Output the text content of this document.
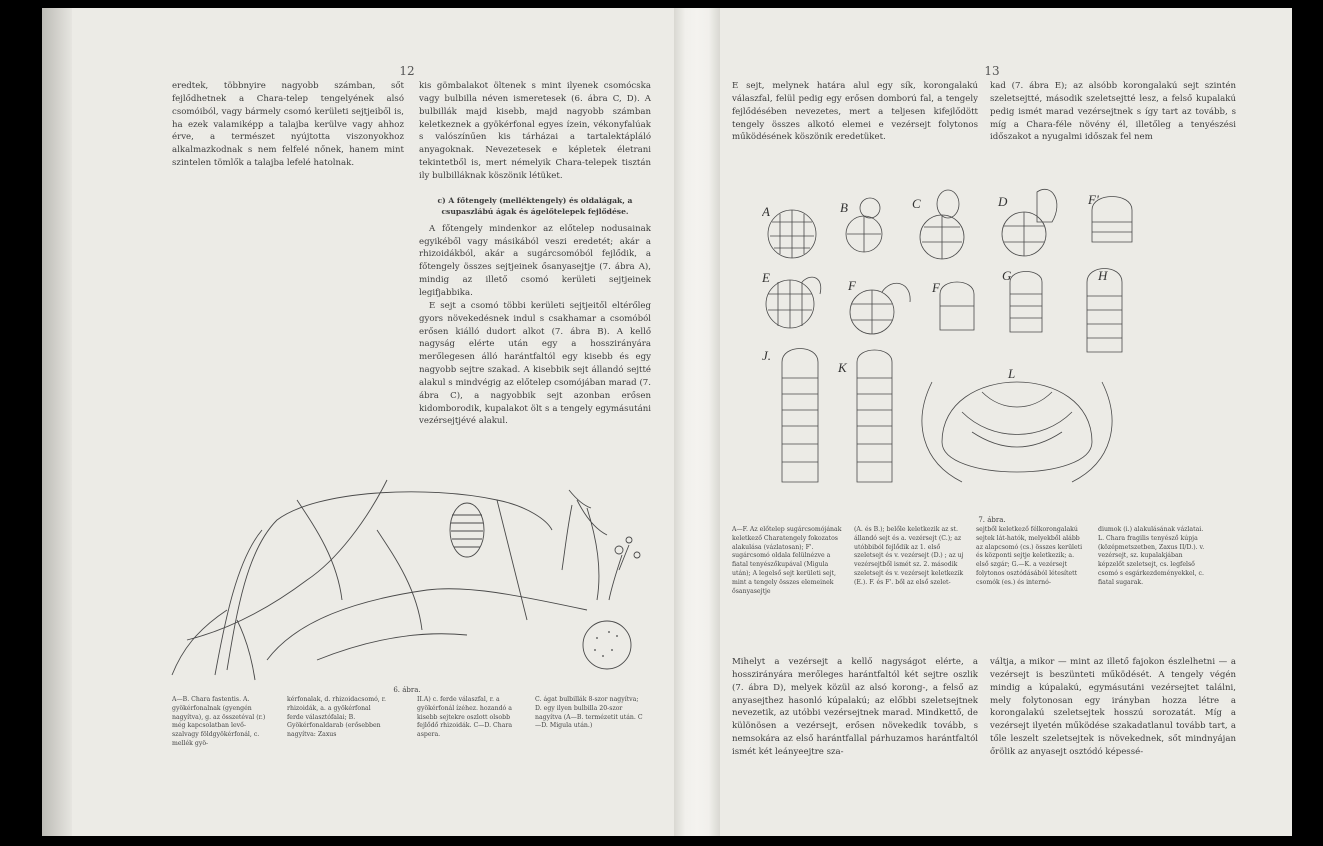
12

eredtek, többnyire nagyobb számban, sőt fejlődhetnek a Chara-telep tengelyének alsó csomóiból, vagy bármely csomó kerületi sejtjeiből is, ha ezek valamiképp a talajba kerülve vagy ahhoz érve, a természet nyújtotta viszonyokhoz alkalmazkodnak s nem felfelé nőnek, hanem mint szintelen tömlők a talajba lefelé hatolnak.

kis gömbalakot öltenek s mint ilyenek csomócska vagy bulbilla néven ismeretesek (6. ábra C, D). A bulbillák majd kisebb, majd nagyobb számban keletkeznek a gyökérfonal egyes ízein, vékonyfalúak s valószínűen kis tárházai a tartalektápláló anyagoknak. Nevezetesek e képletek életrani tekintetből is, mert némelyik Chara-telepek tisztán ily bulbilláknak köszönik létüket.

c) A főtengely (melléktengely) és oldalágak, a csupaszlábú ágak és ágelőtelepek fejlődése.

A főtengely mindenkor az előtelep nodusainak egyikéből vagy másikából veszi eredetét; akár a rhizoidákból, akár a sugárcsomóból fejlődik, a főtengely összes sejtjeinek ősanyasejtje (7. ábra A), mindig az illető csomó kerületi sejtjeinek legifjabbika.

E sejt a csomó többi kerületi sejtjeitől eltérőleg gyors növekedésnek indul s csakhamar a csomóból erősen kiálló dudort alkot (7. ábra B). A kellő nagyság elérte után egy a hosszirányára merőlegesen álló harántfaltól egy kisebb és egy nagyobb sejtre szakad. A kisebbik sejt állandó sejtté alakul s mindvégig az előtelep csomójában marad (7. ábra C), a nagyobbik sejt azonban erősen kidomborodik, kupalakot ölt s a tengely egymásutáni vezérsejtjévé alakul.

6. ábra.
A—B. Chara fastentis. A. gyökérfonalnak (gyengén nagyítva), g. az összetéval (r.) még kapcsolatban levő-szalvagy földgyökérfonál, c. mellék gyö-
kérfonalak, d. rhizoidacsomó, r. rhizoidák, a. a gyökérfonal ferde választófalai; B. Gyökérfonaldarab (erősebben nagyítva: Zaxus
II.A) c. ferde válaszfal, r. a gyökérfonál ízéhez. hozandó a kisebb sejtekre oszlott olsobb fejlődő rhizoidák. C—D. Chara aspera.
C. ágat bulbillák 8-szor nagyítva; D. egy ilyen bulbilla 20-szor nagyítva (A—B. termézetit után. C—D. Migula után.)
13
E sejt, melynek határa alul egy sík, korongalakú válaszfal, felül pedig egy erősen domború fal, a tengely fejlődésében nevezetes, mert a teljesen kifejlődött tengely összes alkotó elemei e vezérsejt folytonos működésének köszönik eredetüket.
kad (7. ábra E); az alsóbb korongalakú sejt szintén szeletsejtté, második szeletsejtté lesz, a felső kupalakú pedig ismét marad vezérsejtnek s így tart az tovább, s míg a Chara-féle növény él, illetőleg a tenyészési időszakot a nyugalmi időszak fel nem
A	B	C	D	F'
E
F	F
G	H
J.
K	L
7. ábra.
A—F. Az előtelep sugárcsomójának keletkező Charatengely fokozatos alakulása (vázlatosan); F'. sugárcsomó oldala felülnézve a fiatal tenyészőkupával (Migula után); A legelső sejt kerületi sejt, mint a tengely összes elemeinek ősanyasejtje
(A. és B.); belőle keletkezik az st. állandó sejt és a. vezérsejt (C.); az utóbbiból fejlődik az 1. első szeletsejt és v. vezérsejt (D.) ; az uj vezérsejtből ismét sz. 2. második szeletsejt és v. vezérsejt keletkezik (E.). F. és F'. ből az első szelet-
sejtből keletkező félkorongalakú sejtek lát-hatók, melyekből alább az alapcsomó (cs.) összes kerületi és központi sejtje keletkezik; a. első szgár; G.—K. a vezérsejt folytonos osztódásából létesített csomók (es.) és internó-
diumok (i.) alakulásának vázlatai. L. Chara fragilis tenyésző kúpja (középmetszetben, Zaxus II/D.). v. vezérsejt, sz. kupalakjában képzelőt szeletsejt, cs. legfelső csomó s esgárkezdeményekkel, c. fiatal sugarak.
Mihelyt a vezérsejt a kellő nagyságot elérte, a hosszirányára merőleges harántfaltól két sejtre oszlik (7. ábra D), melyek közül az alsó korong-, a felső az anyasejthez hasonló kúpalakú; az előbbi szeletsejtnek nevezetik, az utóbbi vezérsejtnek marad. Mindkettő, de különösen a vezérsejt, erősen növekedik tovább, s nemsokára az első harántfallal párhuzamos harántfaltól ismét két leányeejtre sza-
váltja, a mikor — mint az illető fajokon észlelhetni — a vezérsejt is beszünteti működését. A tengely végén mindig a kúpalakú, egymásutáni vezérsejtet találni, mely folytonosan egy irányban hozza létre a korongalakú szeletsejtek hosszú sorozatát. Míg a vezérsejt ilyetén működése szakadatlanul tovább tart, a tőle leszelt szeletsejtek is növekednek, sőt mindnyájan őrölik az anyasejt osztódó képessé-
